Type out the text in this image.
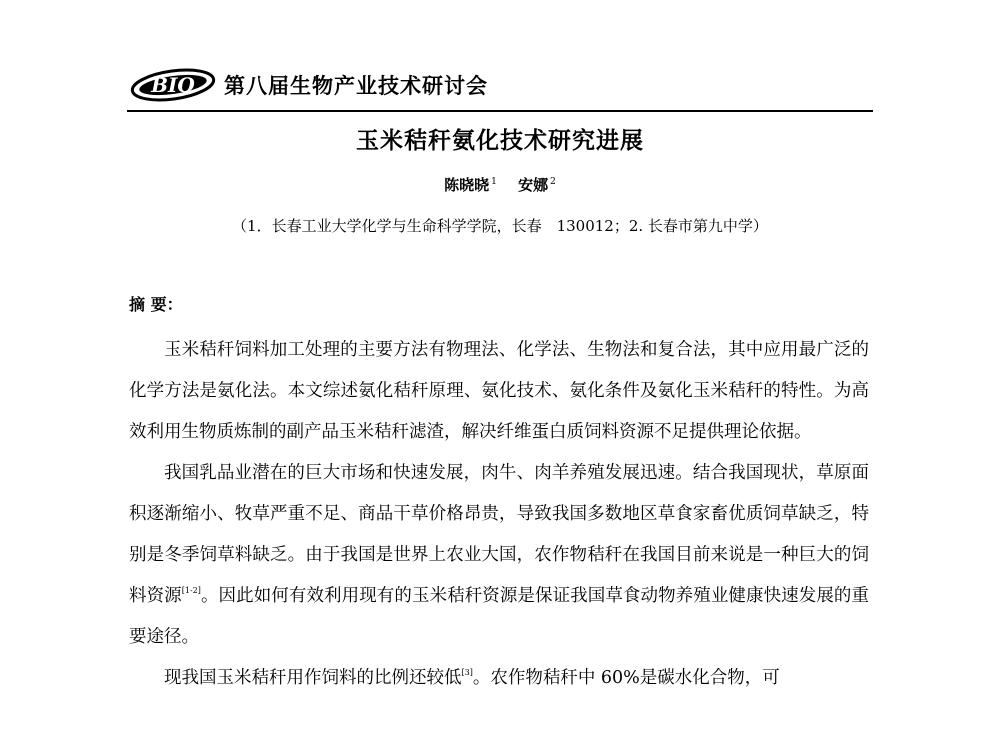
BIO 第八届生物产业技术研讨会
玉米秸秆氨化技术研究进展
陈晓晓 $^1$ 安娜 $^2$
（1．长春工业大学化学与生命科学学院，长春　130012；2. 长春市第九中学）
摘 要：

玉米秸秆饲料加工处理的主要方法有物理法、化学法、生物法和复合法，其中应用最广泛的化学方法是氨化法。本文综述氨化秸秆原理、氨化技术、氨化条件及氨化玉米秸秆的特性。为高效利用生物质炼制的副产品玉米秸秆滤渣，解决纤维蛋白质饲料资源不足提供理论依据。

我国乳品业潜在的巨大市场和快速发展，肉牛、肉羊养殖发展迅速。结合我国现状，草原面积逐渐缩小、牧草严重不足、商品干草价格昂贵，导致我国多数地区草食家畜优质饲草缺乏，特别是冬季饲草料缺乏。由于我国是世界上农业大国，农作物秸秆在我国目前来说是一种巨大的饲料资源[1-2]。因此如何有效利用现有的玉米秸秆资源是保证我国草食动物养殖业健康快速发展的重要途径。

现我国玉米秸秆用作饲料的比例还较低[3]。农作物秸秆中 60%是碳水化合物，可
